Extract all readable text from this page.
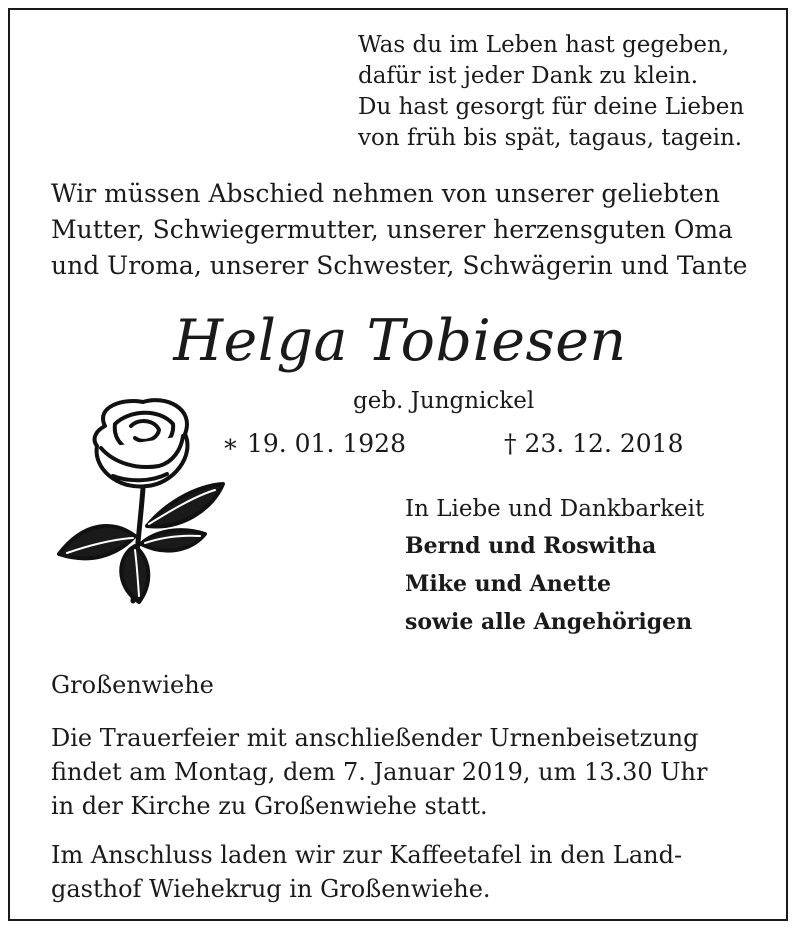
Was du im Leben hast gegeben,
dafür ist jeder Dank zu klein.
Du hast gesorgt für deine Lieben
von früh bis spät, tagaus, tagein.
Wir müssen Abschied nehmen von unserer geliebten
Mutter, Schwiegermutter, unserer herzensguten Oma
und Uroma, unserer Schwester, Schwägerin und Tante
Helga Tobiesen
geb. Jungnickel
∗ 19. 01. 1928	† 23. 12. 2018
In Liebe und Dankbarkeit
Bernd und Roswitha
Mike und Anette
sowie alle Angehörigen
Großenwiehe
Die Trauerfeier mit anschließender Urnenbeisetzung
findet am Montag, dem 7. Januar 2019, um 13.30 Uhr
in der Kirche zu Großenwiehe statt.
Im Anschluss laden wir zur Kaffeetafel in den Land-
gasthof Wiehekrug in Großenwiehe.
